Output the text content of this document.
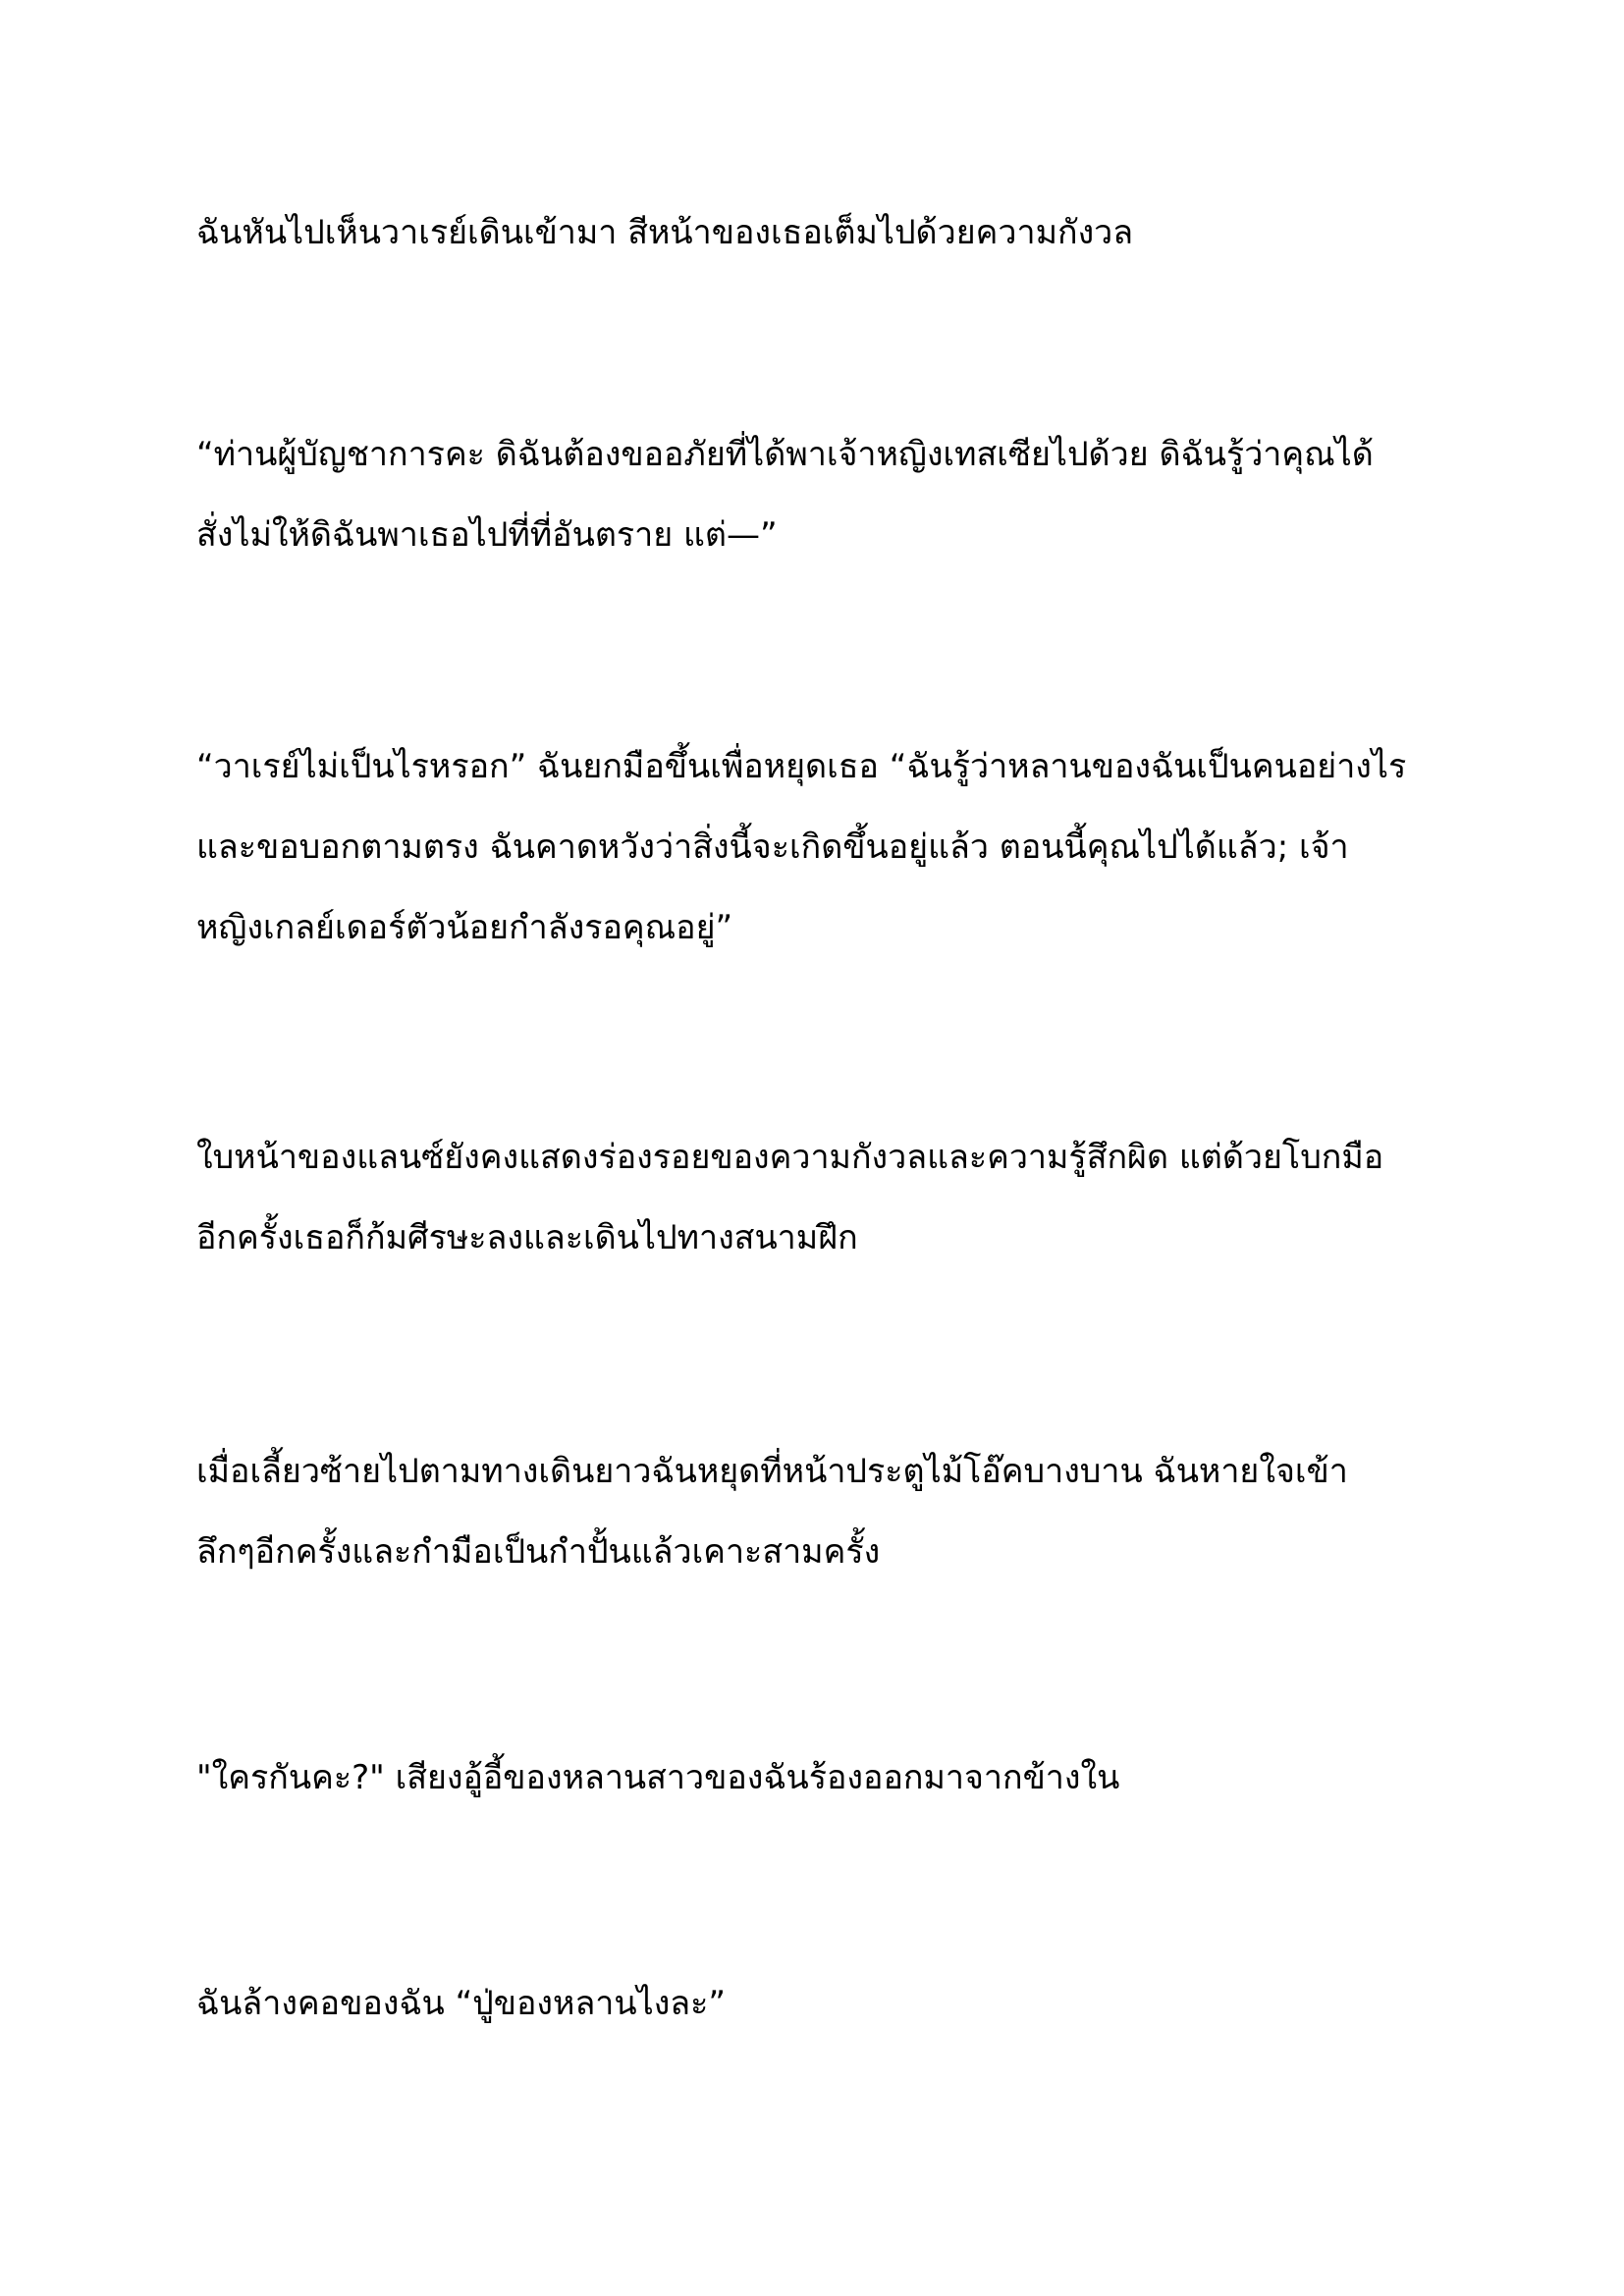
ฉันหันไปเห็นวาเรย์เดินเข้ามา สีหน้าของเธอเต็มไปด้วยความกังวล

“ท่านผู้บัญชาการคะ ดิฉันต้องขออภัยที่ได้พาเจ้าหญิงเทสเซียไปด้วย ดิฉันรู้ว่าคุณได้
สั่งไม่ให้ดิฉันพาเธอไปที่ที่อันตราย แต่—”

“วาเรย์ไม่เป็นไรหรอก” ฉันยกมือขึ้นเพื่อหยุดเธอ “ฉันรู้ว่าหลานของฉันเป็นคนอย่างไร
และขอบอกตามตรง ฉันคาดหวังว่าสิ่งนี้จะเกิดขึ้นอยู่แล้ว ตอนนี้คุณไปได้แล้ว; เจ้า
หญิงเกลย์เดอร์ตัวน้อยกำลังรอคุณอยู่”

ใบหน้าของแลนซ์ยังคงแสดงร่องรอยของความกังวลและความรู้สึกผิด แต่ด้วยโบกมือ
อีกครั้งเธอก็ก้มศีรษะลงและเดินไปทางสนามฝึก

เมื่อเลี้ยวซ้ายไปตามทางเดินยาวฉันหยุดที่หน้าประตูไม้โอ๊คบางบาน ฉันหายใจเข้า
ลึกๆอีกครั้งและกำมือเป็นกำปั้นแล้วเคาะสามครั้ง

"ใครกันคะ?" เสียงอู้อี้ของหลานสาวของฉันร้องออกมาจากข้างใน

ฉันล้างคอของฉัน “ปู่ของหลานไงละ”
